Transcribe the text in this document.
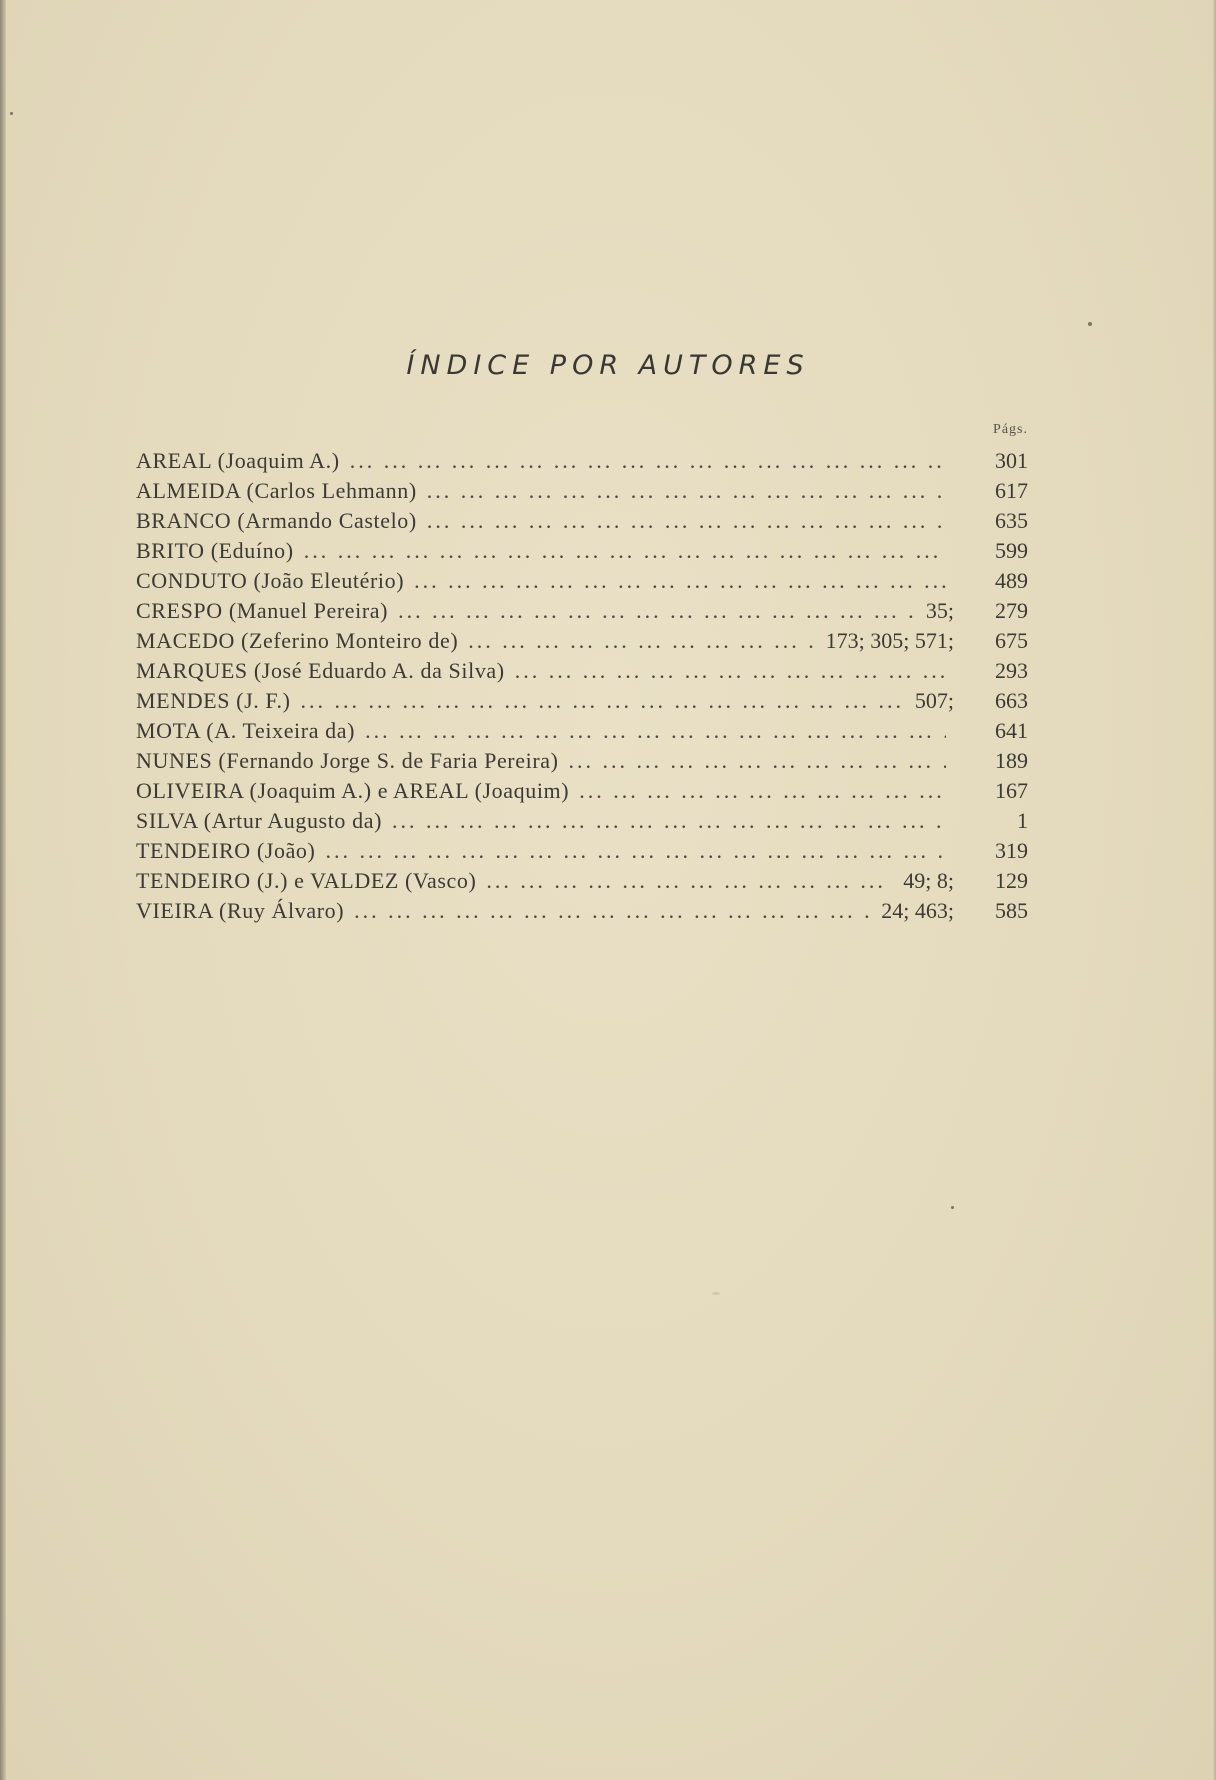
ÍNDICE POR AUTORES
Págs.
AREAL (Joaquim A.) ... .	301
ALMEIDA (Carlos Lehmann) ... .	617
BRANCO (Armando Castelo) ... .	635
BRITO (Eduíno) ... .	599
CONDUTO (João Eleutério) ... .	489
CRESPO (Manuel Pereira) ... .	35;	279
MACEDO (Zeferino Monteiro de) ... .	173; 305; 571;	675
MARQUES (José Eduardo A. da Silva) ... .	293
MENDES (J. F.) ... .	507;	663
MOTA (A. Teixeira da) ... .	641
NUNES (Fernando Jorge S. de Faria Pereira) ... .	189
OLIVEIRA (Joaquim A.) e AREAL (Joaquim) ... .	167
SILVA (Artur Augusto da) ... .	1
TENDEIRO (João) ... .	319
TENDEIRO (J.) e VALDEZ (Vasco) ... .	49; 8;	129
VIEIRA (Ruy Álvaro) ... .	24; 463;	585
